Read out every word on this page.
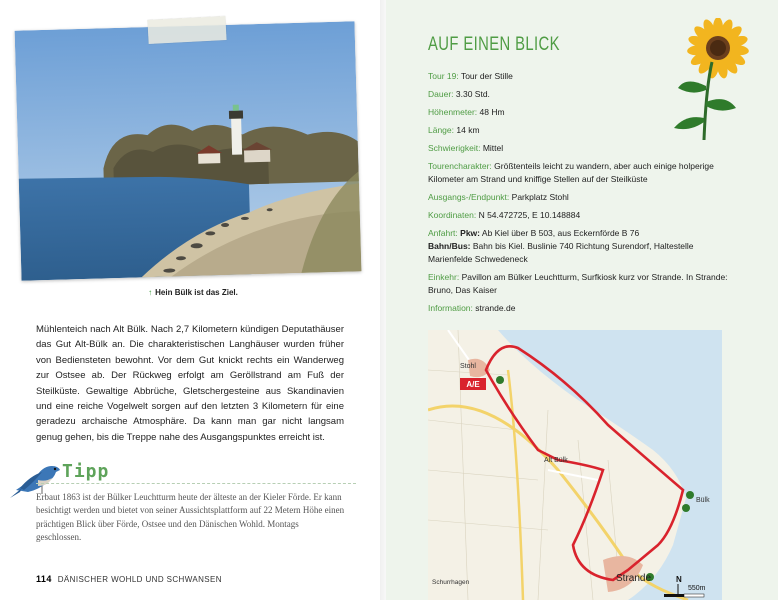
↑ Hein Bülk ist das Ziel.
Mühlenteich nach Alt Bülk. Nach 2,7 Kilometern kündigen Deputathäuser das Gut Alt-Bülk an. Die charakteristischen Langhäuser wurden früher von Bediensteten bewohnt. Vor dem Gut knickt rechts ein Wanderweg zur Ostsee ab. Der Rückweg erfolgt am Geröllstrand am Fuß der Steilküste. Gewaltige Abbrüche, Gletschergesteine aus Skandinavien und eine reiche Vogelwelt sorgen auf den letzten 3 Kilometern für eine geradezu archaische Atmosphäre. Da kann man gar nicht langsam genug gehen, bis die Treppe nahe des Ausgangspunktes erreicht ist.
Tipp
Erbaut 1863 ist der Bülker Leuchtturm heute der älteste an der Kieler Förde. Er kann besichtigt werden und bietet von seiner Aussichtsplattform auf 22 Metern Höhe einen prächtigen Blick über Förde, Ostsee und den Dänischen Wohld. Montags geschlossen.
114 DÄNISCHER WOHLD UND SCHWANSEN
AUF EINEN BLICK
Tour 19: Tour der Stille
Dauer: 3.30 Std.
Höhenmeter: 48 Hm
Länge: 14 km
Schwierigkeit: Mittel
Tourencharakter: Größtenteils leicht zu wandern, aber auch einige holperige Kilometer am Strand und kniffige Stellen auf der Steilküste
Ausgangs-/Endpunkt: Parkplatz Stohl
Koordinaten: N 54.472725, E 10.148884
Anfahrt: Pkw: Ab Kiel über B 503, aus Eckernförde B 76
Bahn/Bus: Bahn bis Kiel. Buslinie 740 Richtung Surendorf, Haltestelle Marienfelde Schwedeneck
Einkehr: Pavillon am Bülker Leuchtturm, Surfkiosk kurz vor Strande. In Strande: Bruno, Das Kaiser
Information: strande.de
A/E
Stohl
Alt Bülk
Bülk
Strande
Schurrhagen	N
550m
